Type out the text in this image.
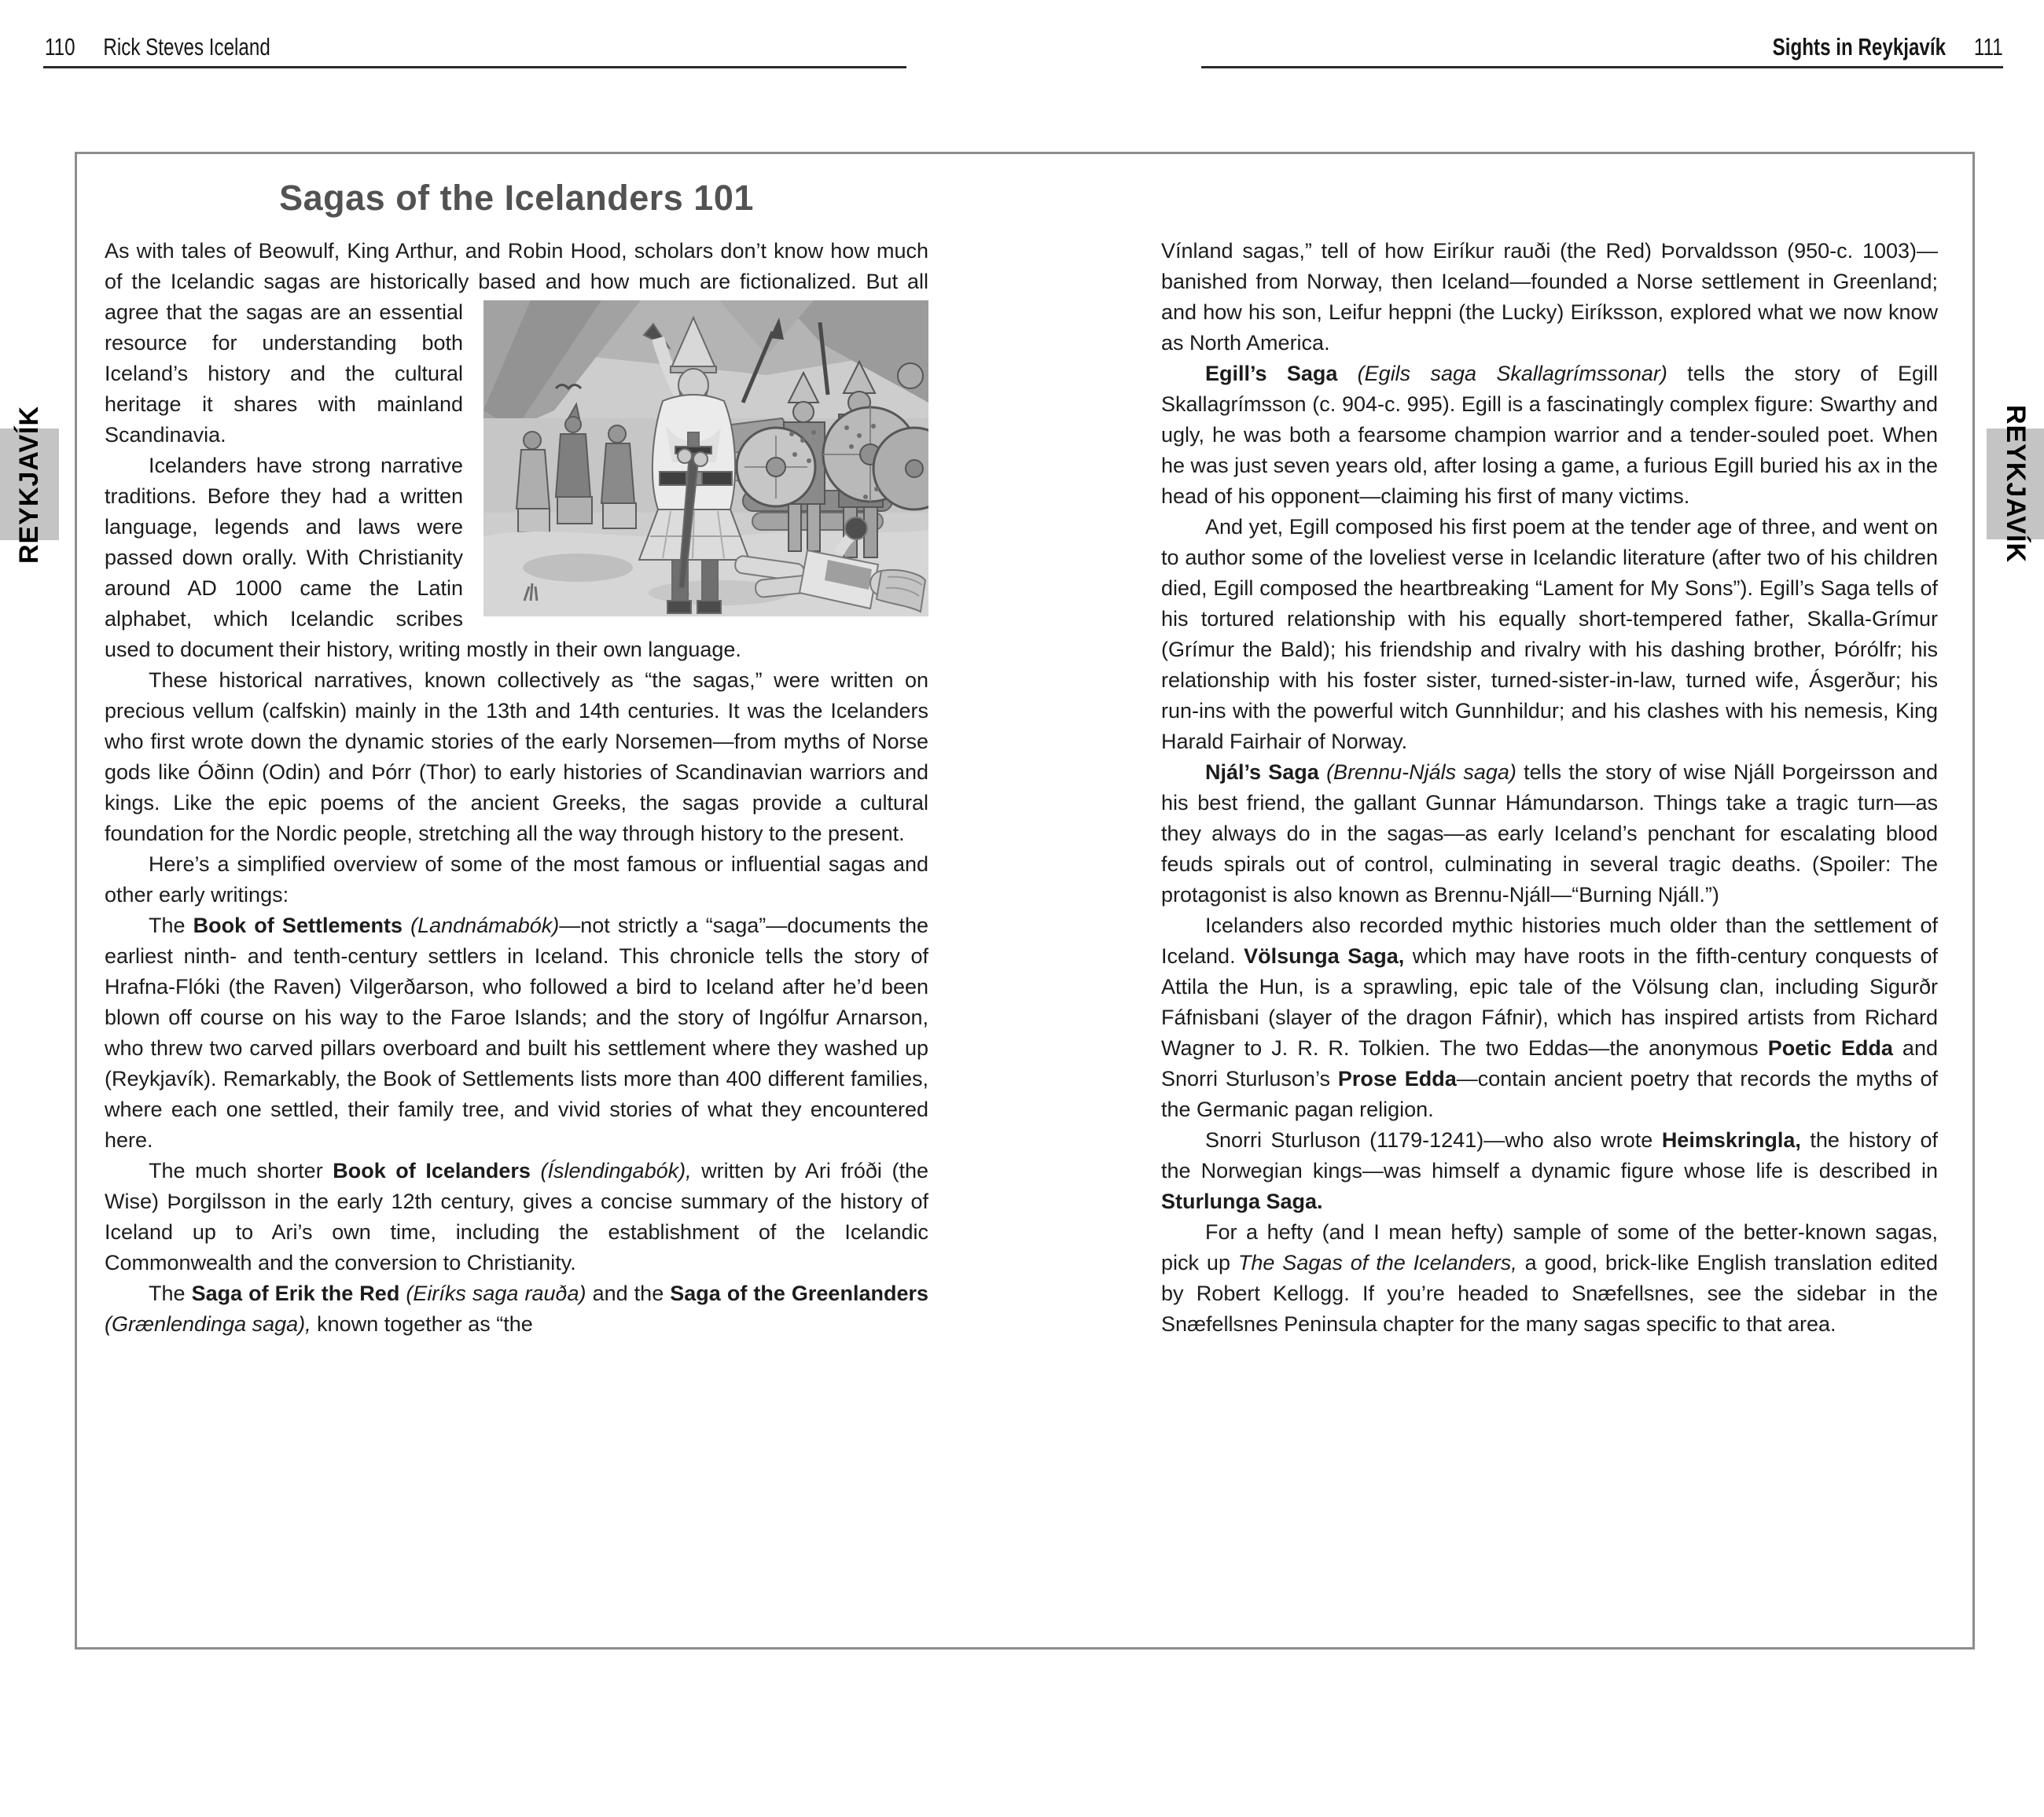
110 Rick Steves Iceland	Sights in Reykjavík 111
Sagas of the Icelanders 101
REYKJAVÍK	REYKJAVÍK

As with tales of Beowulf, King Arthur, and Robin Hood, scholars don’t know how much of the Icelandic sagas are historically based
and how much are fictionalized. But all agree that the sagas are an essential resource for understanding both Iceland’s history and the cultural heritage it shares with mainland Scandinavia.

Icelanders have strong narrative traditions. Before they had a written language, legends and laws were passed down orally. With Christianity around AD 1000 came the Latin alphabet, which Icelandic scribes used to document their history, writing mostly in their own language.

These historical narratives, known collectively as “the sagas,” were written on precious vellum (calfskin) mainly in the 13th and 14th centuries. It was the Icelanders who first wrote down the dynamic stories of the early Norsemen—from myths of Norse gods like Óðinn (Odin) and Þórr (Thor) to early histories of Scandinavian warriors and kings. Like the epic poems of the ancient Greeks, the sagas provide a cultural foundation for the Nordic people, stretching all the way through history to the present.

Here’s a simplified overview of some of the most famous or influential sagas and other early writings:

The Book of Settlements (Landnámabók)—not strictly a “saga”—documents the earliest ninth- and tenth-century settlers in Iceland. This chronicle tells the story of Hrafna-Flóki (the Raven) Vilgerðarson, who followed a bird to Iceland after he’d been blown off course on his way to the Faroe Islands; and the story of Ingólfur Arnarson, who threw two carved pillars overboard and built his settlement where they washed up (Reykjavík). Remarkably, the Book of Settlements lists more than 400 different families, where each one settled, their family tree, and vivid stories of what they encountered here.

The much shorter Book of Icelanders (Íslendingabók), written by Ari fróði (the Wise) Þorgilsson in the early 12th century, gives a concise summary of the history of Iceland up to Ari’s own time, including the establishment of the Icelandic Commonwealth and the conversion to Christianity.

The Saga of Erik the Red (Eiríks saga rauða) and the Saga of the Greenlanders (Grænlendinga saga), known together as “the

Vínland sagas,” tell of how Eiríkur rauði (the Red) Þorvaldsson (950-c. 1003)—banished from Norway, then Iceland—founded a Norse settlement in Greenland; and how his son, Leifur heppni (the Lucky) Eiríksson, explored what we now know as North America.

Egill’s Saga (Egils saga Skallagrímssonar) tells the story of Egill Skallagrímsson (c. 904-c. 995). Egill is a fascinatingly complex figure: Swarthy and ugly, he was both a fearsome champion warrior and a tender-souled poet. When he was just seven years old, after losing a game, a furious Egill buried his ax in the head of his opponent—claiming his first of many victims.

And yet, Egill composed his first poem at the tender age of three, and went on to author some of the loveliest verse in Icelandic literature (after two of his children died, Egill composed the heartbreaking “Lament for My Sons”). Egill’s Saga tells of his tortured relationship with his equally short-tempered father, Skalla-Grímur (Grímur the Bald); his friendship and rivalry with his dashing brother, Þórólfr; his relationship with his foster sister, turned-sister-in-law, turned wife, Ásgerður; his run-ins with the powerful witch Gunnhildur; and his clashes with his nemesis, King Harald Fairhair of Norway.

Njál’s Saga (Brennu-Njáls saga) tells the story of wise Njáll Þorgeirsson and his best friend, the gallant Gunnar Hámundarson. Things take a tragic turn—as they always do in the sagas—as early Iceland’s penchant for escalating blood feuds spirals out of control, culminating in several tragic deaths. (Spoiler: The protagonist is also known as Brennu-Njáll—“Burning Njáll.”)

Icelanders also recorded mythic histories much older than the settlement of Iceland. Völsunga Saga, which may have roots in the fifth-century conquests of Attila the Hun, is a sprawling, epic tale of the Völsung clan, including Sigurðr Fáfnisbani (slayer of the dragon Fáfnir), which has inspired artists from Richard Wagner to J. R. R. Tolkien. The two Eddas—the anonymous Poetic Edda and Snorri Sturluson’s Prose Edda—contain ancient poetry that records the myths of the Germanic pagan religion.

Snorri Sturluson (1179-1241)—who also wrote Heimskringla, the history of the Norwegian kings—was himself a dynamic figure whose life is described in Sturlunga Saga.

For a hefty (and I mean hefty) sample of some of the better-known sagas, pick up The Sagas of the Icelanders, a good, brick-like English translation edited by Robert Kellogg. If you’re headed to Snæfellsnes, see the sidebar in the Snæfellsnes Peninsula chapter for the many sagas specific to that area.
